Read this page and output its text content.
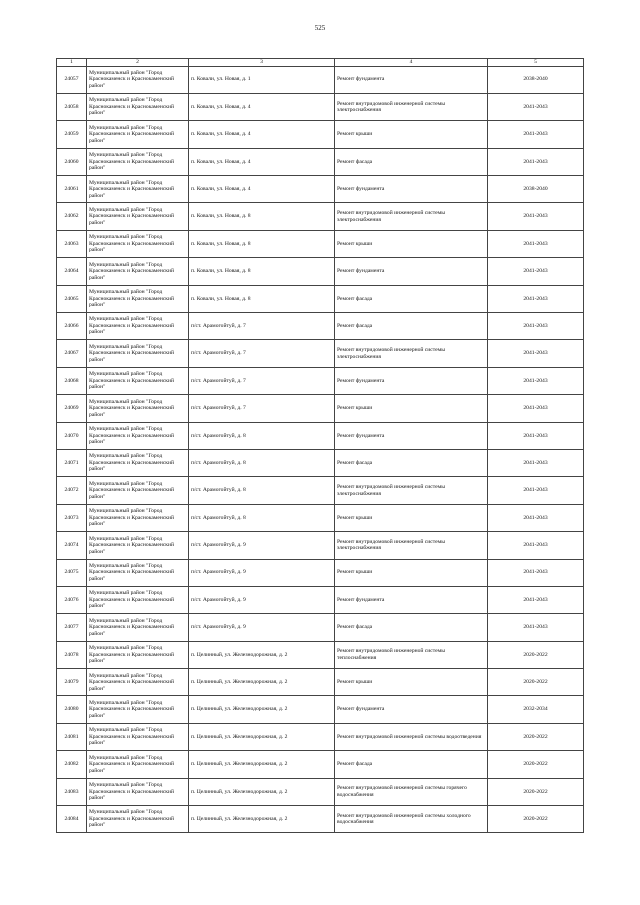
525
1	2	3	4	5
24057	Муниципальный район "Город Краснокаменск и Краснокаменский район"	п. Ковали, ул. Новая, д. 1	Ремонт фундамента	2038-2040
24058	Муниципальный район "Город Краснокаменск и Краснокаменский район"	п. Ковали, ул. Новая, д. 4	Ремонт внутридомовой инженерной системы электроснабжения	2041-2043
24059	Муниципальный район "Город Краснокаменск и Краснокаменский район"	п. Ковали, ул. Новая, д. 4	Ремонт крыши	2041-2043
24060	Муниципальный район "Город Краснокаменск и Краснокаменский район"	п. Ковали, ул. Новая, д. 4	Ремонт фасада	2041-2043
24061	Муниципальный район "Город Краснокаменск и Краснокаменский район"	п. Ковали, ул. Новая, д. 4	Ремонт фундамента	2038-2040
24062	Муниципальный район "Город Краснокаменск и Краснокаменский район"	п. Ковали, ул. Новая, д. 8	Ремонт внутридомовой инженерной системы электроснабжения	2041-2043
24063	Муниципальный район "Город Краснокаменск и Краснокаменский район"	п. Ковали, ул. Новая, д. 8	Ремонт крыши	2041-2043
24064	Муниципальный район "Город Краснокаменск и Краснокаменский район"	п. Ковали, ул. Новая, д. 8	Ремонт фундамента	2041-2043
24065	Муниципальный район "Город Краснокаменск и Краснокаменский район"	п. Ковали, ул. Новая, д. 8	Ремонт фасада	2041-2043
24066	Муниципальный район "Город Краснокаменск и Краснокаменский район"	п/ст. Арамогойтуй, д. 7	Ремонт фасада	2041-2043
24067	Муниципальный район "Город Краснокаменск и Краснокаменский район"	п/ст. Арамогойтуй, д. 7	Ремонт внутридомовой инженерной системы электроснабжения	2041-2043
24068	Муниципальный район "Город Краснокаменск и Краснокаменский район"	п/ст. Арамогойтуй, д. 7	Ремонт фундамента	2041-2043
24069	Муниципальный район "Город Краснокаменск и Краснокаменский район"	п/ст. Арамогойтуй, д. 7	Ремонт крыши	2041-2043
24070	Муниципальный район "Город Краснокаменск и Краснокаменский район"	п/ст. Арамогойтуй, д. 8	Ремонт фундамента	2041-2043
24071	Муниципальный район "Город Краснокаменск и Краснокаменский район"	п/ст. Арамогойтуй, д. 8	Ремонт фасада	2041-2043
24072	Муниципальный район "Город Краснокаменск и Краснокаменский район"	п/ст. Арамогойтуй, д. 8	Ремонт внутридомовой инженерной системы электроснабжения	2041-2043
24073	Муниципальный район "Город Краснокаменск и Краснокаменский район"	п/ст. Арамогойтуй, д. 8	Ремонт крыши	2041-2043
24074	Муниципальный район "Город Краснокаменск и Краснокаменский район"	п/ст. Арамогойтуй, д. 9	Ремонт внутридомовой инженерной системы электроснабжения	2041-2043
24075	Муниципальный район "Город Краснокаменск и Краснокаменский район"	п/ст. Арамогойтуй, д. 9	Ремонт крыши	2041-2043
24076	Муниципальный район "Город Краснокаменск и Краснокаменский район"	п/ст. Арамогойтуй, д. 9	Ремонт фундамента	2041-2043
24077	Муниципальный район "Город Краснокаменск и Краснокаменский район"	п/ст. Арамогойтуй, д. 9	Ремонт фасада	2041-2043
24078	Муниципальный район "Город Краснокаменск и Краснокаменский район"	п. Целинный, ул. Железнодорожная, д. 2	Ремонт внутридомовой инженерной системы теплоснабжения	2020-2022
24079	Муниципальный район "Город Краснокаменск и Краснокаменский район"	п. Целинный, ул. Железнодорожная, д. 2	Ремонт крыши	2020-2022
24080	Муниципальный район "Город Краснокаменск и Краснокаменский район"	п. Целинный, ул. Железнодорожная, д. 2	Ремонт фундамента	2032-2034
24081	Муниципальный район "Город Краснокаменск и Краснокаменский район"	п. Целинный, ул. Железнодорожная, д. 2	Ремонт внутридомовой инженерной системы водоотведения	2020-2022
24082	Муниципальный район "Город Краснокаменск и Краснокаменский район"	п. Целинный, ул. Железнодорожная, д. 2	Ремонт фасада	2020-2022
24083	Муниципальный район "Город Краснокаменск и Краснокаменский район"	п. Целинный, ул. Железнодорожная, д. 2	Ремонт внутридомовой инженерной системы горячего водоснабжения	2020-2022
24084	Муниципальный район "Город Краснокаменск и Краснокаменский район"	п. Целинный, ул. Железнодорожная, д. 2	Ремонт внутридомовой инженерной системы холодного водоснабжения	2020-2022
